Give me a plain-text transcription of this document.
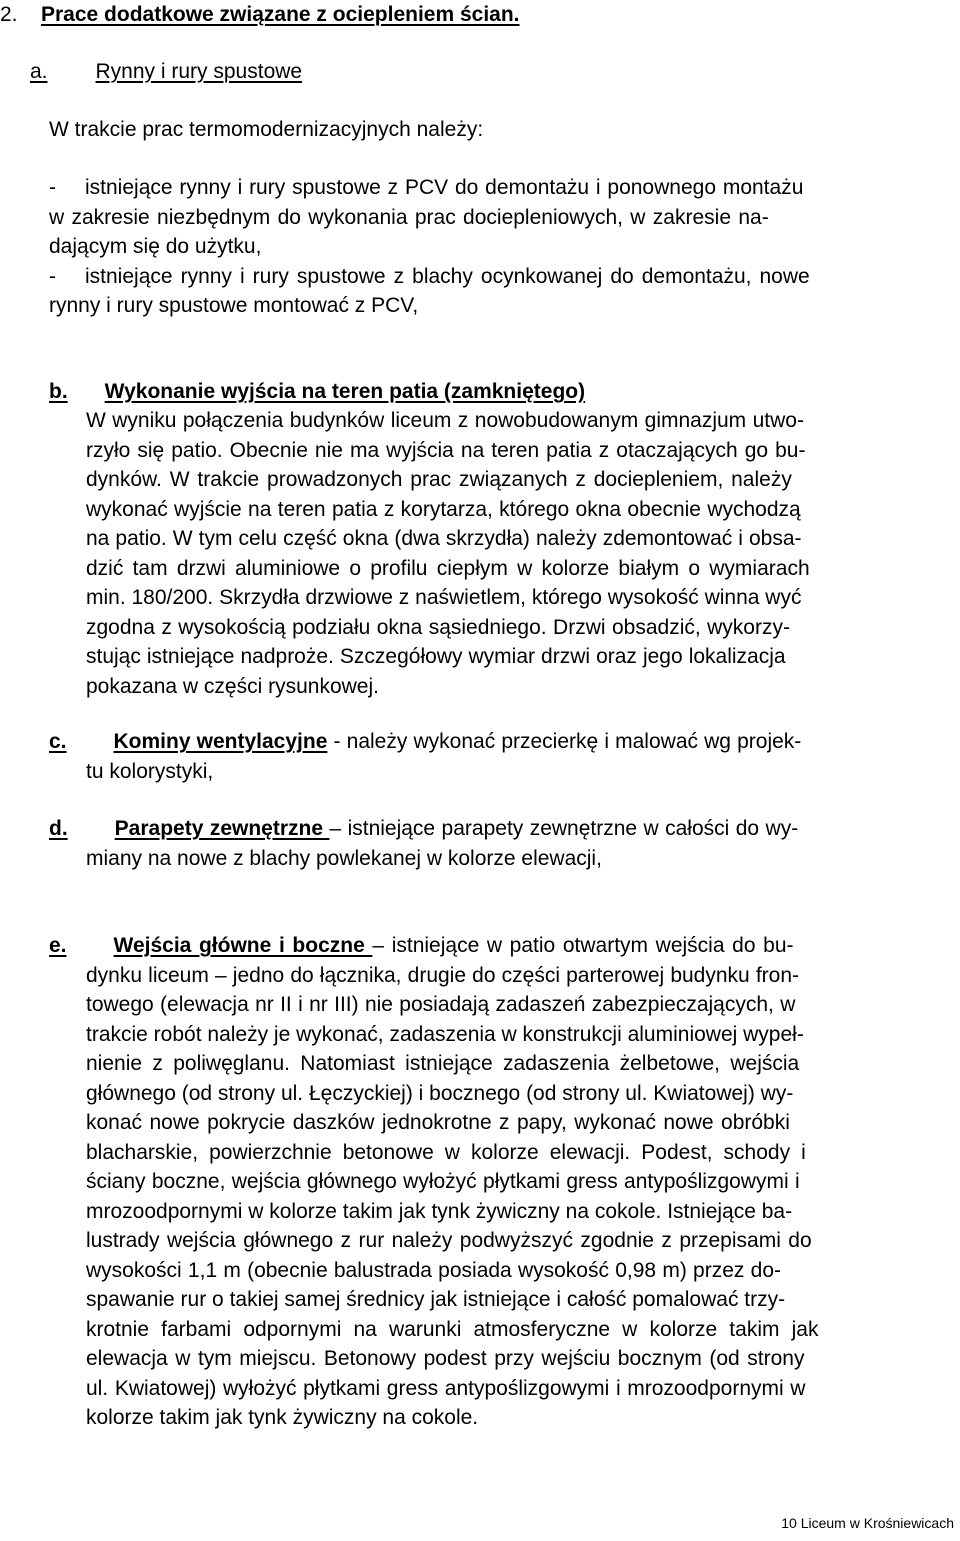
2. Prace dodatkowe związane z ociepleniem ścian.
a. Rynny i rury spustowe
W trakcie prac termomodernizacyjnych należy:
- istniejące rynny i rury spustowe z PCV do demontażu i ponownego montażu
w zakresie niezbędnym do wykonania prac dociepleniowych, w zakresie na-
dającym się do użytku,
- istniejące rynny i rury spustowe z blachy ocynkowanej do demontażu, nowe
rynny i rury spustowe montować z PCV,
b. Wykonanie wyjścia na teren patia (zamkniętego)
W wyniku połączenia budynków liceum z nowobudowanym gimnazjum utwo-
rzyło się patio. Obecnie nie ma wyjścia na teren patia z otaczających go bu-
dynków. W trakcie prowadzonych prac związanych z dociepleniem, należy
wykonać wyjście na teren patia z korytarza, którego okna obecnie wychodzą
na patio. W tym celu część okna (dwa skrzydła) należy zdemontować i obsa-
dzić tam drzwi aluminiowe o profilu ciepłym w kolorze białym o wymiarach
min. 180/200. Skrzydła drzwiowe z naświetlem, którego wysokość winna wyć
zgodna z wysokością podziału okna sąsiedniego. Drzwi obsadzić, wykorzy-
stując istniejące nadproże. Szczegółowy wymiar drzwi oraz jego lokalizacja
pokazana w części rysunkowej.
c. Kominy wentylacyjne - należy wykonać przecierkę i malować wg projek-
tu kolorystyki,
d. Parapety zewnętrzne – istniejące parapety zewnętrzne w całości do wy-
miany na nowe z blachy powlekanej w kolorze elewacji,
e. Wejścia główne i boczne – istniejące w patio otwartym wejścia do bu-
dynku liceum – jedno do łącznika, drugie do części parterowej budynku fron-
towego (elewacja nr II i nr III) nie posiadają zadaszeń zabezpieczających, w
trakcie robót należy je wykonać, zadaszenia w konstrukcji aluminiowej wypeł-
nienie z poliwęglanu. Natomiast istniejące zadaszenia żelbetowe, wejścia
głównego (od strony ul. Łęczyckiej) i bocznego (od strony ul. Kwiatowej) wy-
konać nowe pokrycie daszków jednokrotne z papy, wykonać nowe obróbki
blacharskie, powierzchnie betonowe w kolorze elewacji. Podest, schody i
ściany boczne, wejścia głównego wyłożyć płytkami gress antypoślizgowymi i
mrozoodpornymi w kolorze takim jak tynk żywiczny na cokole. Istniejące ba-
lustrady wejścia głównego z rur należy podwyższyć zgodnie z przepisami do
wysokości 1,1 m (obecnie balustrada posiada wysokość 0,98 m) przez do-
spawanie rur o takiej samej średnicy jak istniejące i całość pomalować trzy-
krotnie farbami odpornymi na warunki atmosferyczne w kolorze takim jak
elewacja w tym miejscu. Betonowy podest przy wejściu bocznym (od strony
ul. Kwiatowej) wyłożyć płytkami gress antypoślizgowymi i mrozoodpornymi w
kolorze takim jak tynk żywiczny na cokole.
10 Liceum w Krośniewicach
